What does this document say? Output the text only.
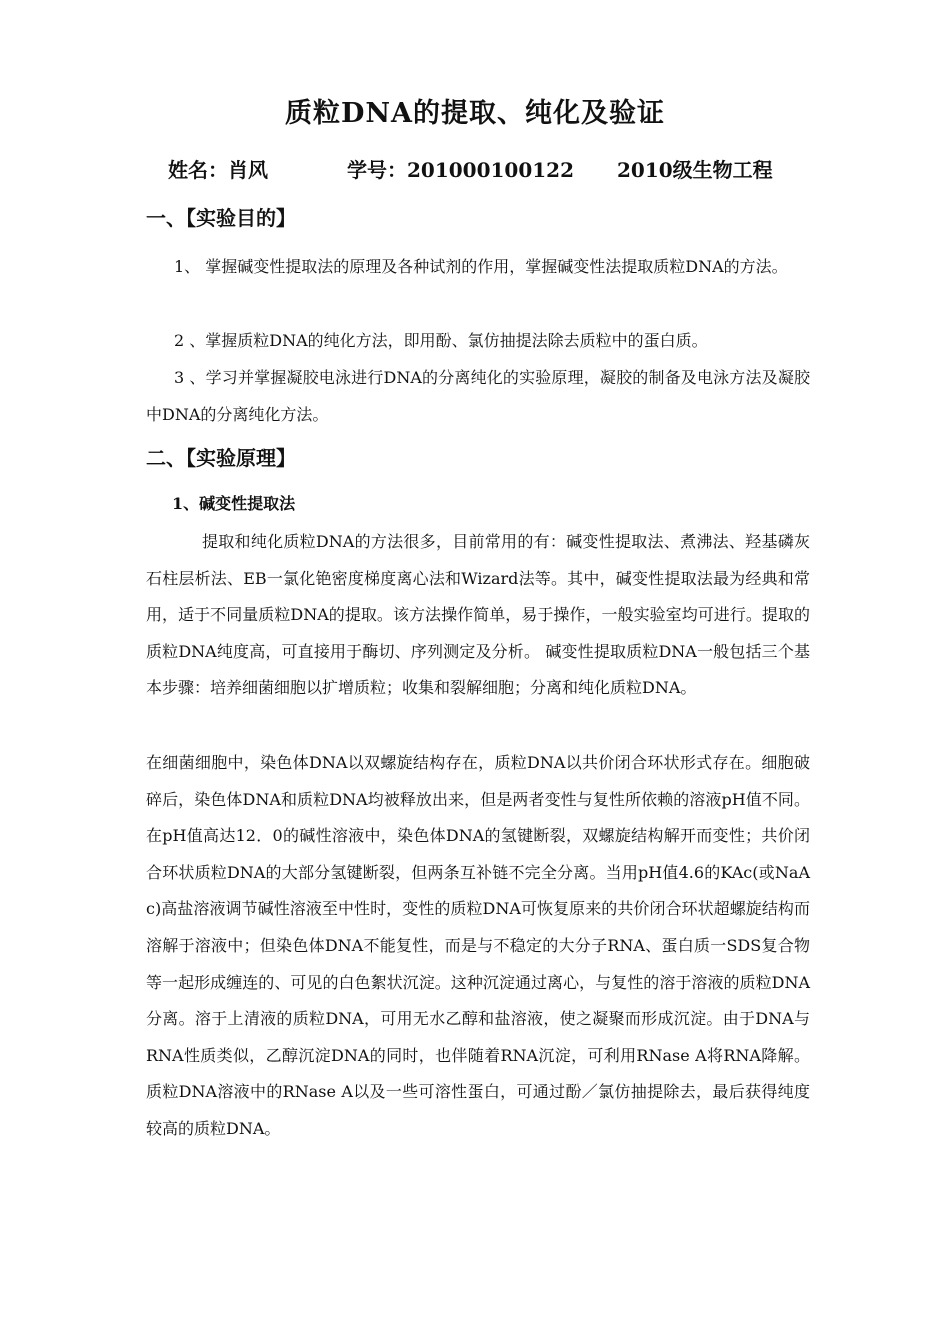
质粒DNA的提取、纯化及验证
姓名：肖风	学号：201000100122 2010级生物工程
一、【实验目的】
1、 掌握碱变性提取法的原理及各种试剂的作用，掌握碱变性法提取质粒DNA的方法。
2 、掌握质粒DNA的纯化方法，即用酚、氯仿抽提法除去质粒中的蛋白质。
3 、学习并掌握凝胶电泳进行DNA的分离纯化的实验原理，凝胶的制备及电泳方法及凝胶中DNA的分离纯化方法。
二、【实验原理】
1、碱变性提取法
提取和纯化质粒DNA的方法很多，目前常用的有：碱变性提取法、煮沸法、羟基磷灰石柱层析法、EB一氯化铯密度梯度离心法和Wizard法等。其中，碱变性提取法最为经典和常用，适于不同量质粒DNA的提取。该方法操作简单，易于操作，一般实验室均可进行。提取的质粒DNA纯度高，可直接用于酶切、序列测定及分析。 碱变性提取质粒DNA一般包括三个基本步骤：培养细菌细胞以扩增质粒；收集和裂解细胞；分离和纯化质粒DNA。
在细菌细胞中，染色体DNA以双螺旋结构存在，质粒DNA以共价闭合环状形式存在。细胞破碎后，染色体DNA和质粒DNA均被释放出来，但是两者变性与复性所依赖的溶液pH值不同。在pH值高达12．0的碱性溶液中，染色体DNA的氢键断裂，双螺旋结构解开而变性；共价闭合环状质粒DNA的大部分氢键断裂，但两条互补链不完全分离。当用pH值4.6的KAc(或NaAc)高盐溶液调节碱性溶液至中性时，变性的质粒DNA可恢复原来的共价闭合环状超螺旋结构而溶解于溶液中；但染色体DNA不能复性，而是与不稳定的大分子RNA、蛋白质一SDS复合物等一起形成缠连的、可见的白色絮状沉淀。这种沉淀通过离心，与复性的溶于溶液的质粒DNA分离。溶于上清液的质粒DNA，可用无水乙醇和盐溶液，使之凝聚而形成沉淀。由于DNA与RNA性质类似，乙醇沉淀DNA的同时，也伴随着RNA沉淀，可利用RNase A将RNA降解。质粒DNA溶液中的RNase A以及一些可溶性蛋白，可通过酚／氯仿抽提除去，最后获得纯度较高的质粒DNA。
